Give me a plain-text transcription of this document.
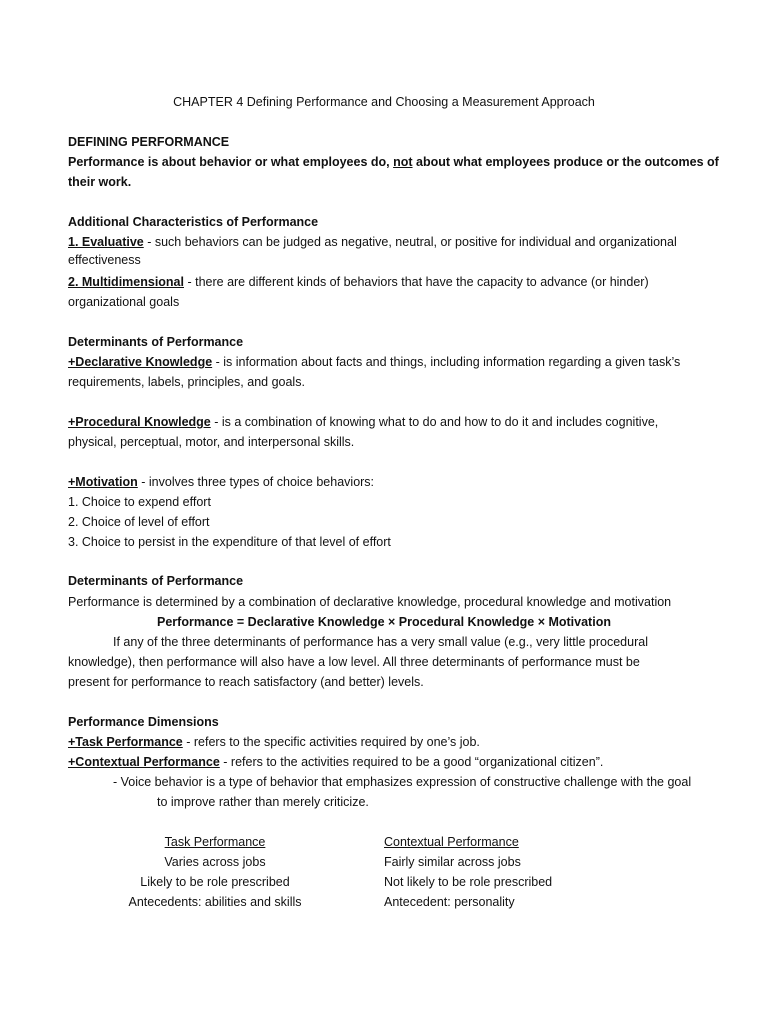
CHAPTER 4 Defining Performance and Choosing a Measurement Approach
DEFINING PERFORMANCE
Performance is about behavior or what employees do, not about what employees produce or the outcomes of
their work.
Additional Characteristics of Performance
1. Evaluative - such behaviors can be judged as negative, neutral, or positive for individual and organizational
effectiveness
2. Multidimensional - there are different kinds of behaviors that have the capacity to advance (or hinder)
organizational goals
Determinants of Performance
+Declarative Knowledge - is information about facts and things, including information regarding a given task’s
requirements, labels, principles, and goals.
+Procedural Knowledge - is a combination of knowing what to do and how to do it and includes cognitive,
physical, perceptual, motor, and interpersonal skills.
+Motivation - involves three types of choice behaviors:
1. Choice to expend effort
2. Choice of level of effort
3. Choice to persist in the expenditure of that level of effort
Determinants of Performance
Performance is determined by a combination of declarative knowledge, procedural knowledge and motivation
Performance = Declarative Knowledge × Procedural Knowledge × Motivation
If any of the three determinants of performance has a very small value (e.g., very little procedural
knowledge), then performance will also have a low level. All three determinants of performance must be
present for performance to reach satisfactory (and better) levels.
Performance Dimensions
+Task Performance - refers to the specific activities required by one’s job.
+Contextual Performance - refers to the activities required to be a good “organizational citizen”.
- Voice behavior is a type of behavior that emphasizes expression of constructive challenge with the goal
to improve rather than merely criticize.
Task Performance	Contextual Performance
Varies across jobs	Fairly similar across jobs
Likely to be role prescribed	Not likely to be role prescribed
Antecedents: abilities and skills	Antecedent: personality
